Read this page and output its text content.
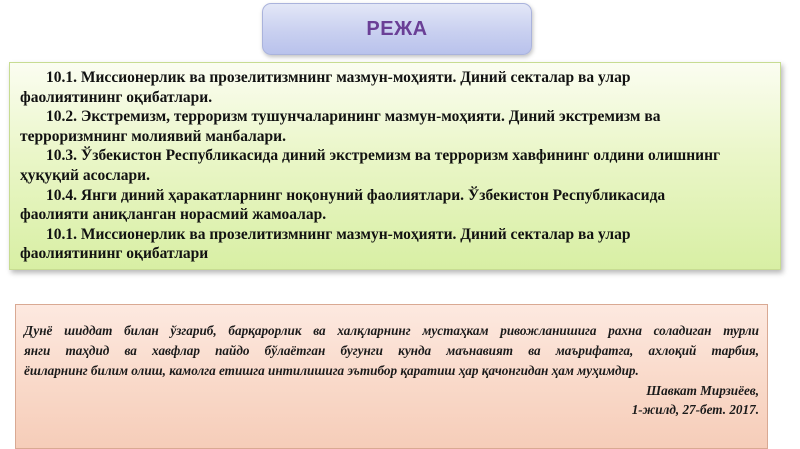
РЕЖА
10.1. Миссионерлик ва прозелитизмнинг мазмун-моҳияти. Диний секталар ва улар
фаолиятининг оқибатлари.
10.2. Экстремизм, терроризм тушунчаларининг мазмун-моҳияти. Диний экстремизм ва
терроризмнинг молиявий манбалари.
10.3. Ўзбекистон Республикасида диний экстремизм ва терроризм хавфининг олдини олишнинг
ҳуқуқий асослари.
10.4. Янги диний ҳаракатларнинг ноқонуний фаолиятлари. Ўзбекистон Республикасида
фаолияти аниқланган норасмий жамоалар.
10.1. Миссионерлик ва прозелитизмнинг мазмун-моҳияти. Диний секталар ва улар
фаолиятининг оқибатлари
Дунё шиддат билан ўзгариб, барқарорлик ва халқларнинг мустаҳкам ривожланишига рахна соладиган турли
янги таҳдид ва хавфлар пайдо бўлаётган бугунги кунда маънавият ва маърифатга, ахлоқий тарбия,
ёшларнинг билим олиш, камолга етишга интилишига эътибор қаратиш ҳар қачонгидан ҳам муҳимдир.
Шавкат Мирзиёев,
1-жилд, 27-бет. 2017.
